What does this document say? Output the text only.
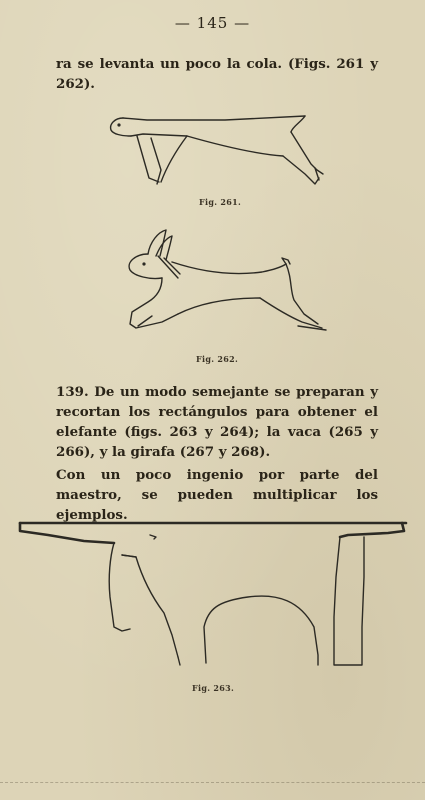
— 145 —

ra se levanta un poco la cola. (Figs. 261 y 262).

Fig. 261.
Fig. 262.

139. De un modo semejante se preparan y recortan los rectángulos para obtener el elefante (figs. 263 y 264); la vaca (265 y 266), y la girafa (267 y 268).

Con un poco ingenio por parte del maestro, se pueden multiplicar los ejemplos.

Fig. 263.
